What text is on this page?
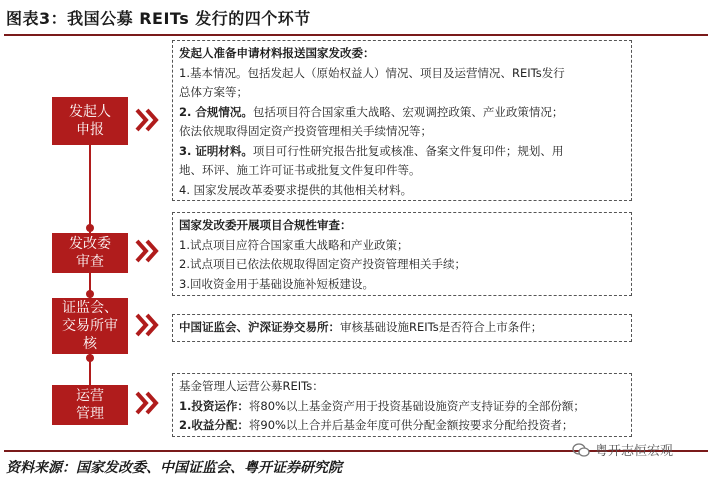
图表3：我国公募 REITs 发行的四个环节
发起人
申报
发改委
审查
证监会、
交易所审
核
运营
管理
发起人准备申请材料报送国家发改委：
1.基本情况。包括发起人（原始权益人）情况、项目及运营情况、REITs发行
总体方案等；
2. 合规情况。包括项目符合国家重大战略、宏观调控政策、产业政策情况；
依法依规取得固定资产投资管理相关手续情况等；
3. 证明材料。项目可行性研究报告批复或核准、备案文件复印件；规划、用
地、环评、施工许可证书或批复文件复印件等。
4. 国家发展改革委要求提供的其他相关材料。
国家发改委开展项目合规性审查：
1.试点项目应符合国家重大战略和产业政策；
2.试点项目已依法依规取得固定资产投资管理相关手续；
3.回收资金用于基础设施补短板建设。
中国证监会、沪深证券交易所：审核基础设施REITs是否符合上市条件；
基金管理人运营公募REITs：
1.投资运作：将80%以上基金资产用于投资基础设施资产支持证券的全部份额；
2.收益分配：将90%以上合并后基金年度可供分配金额按要求分配给投资者；
资料来源：国家发改委、中国证监会、粤开证券研究院
粤开志恒宏观
